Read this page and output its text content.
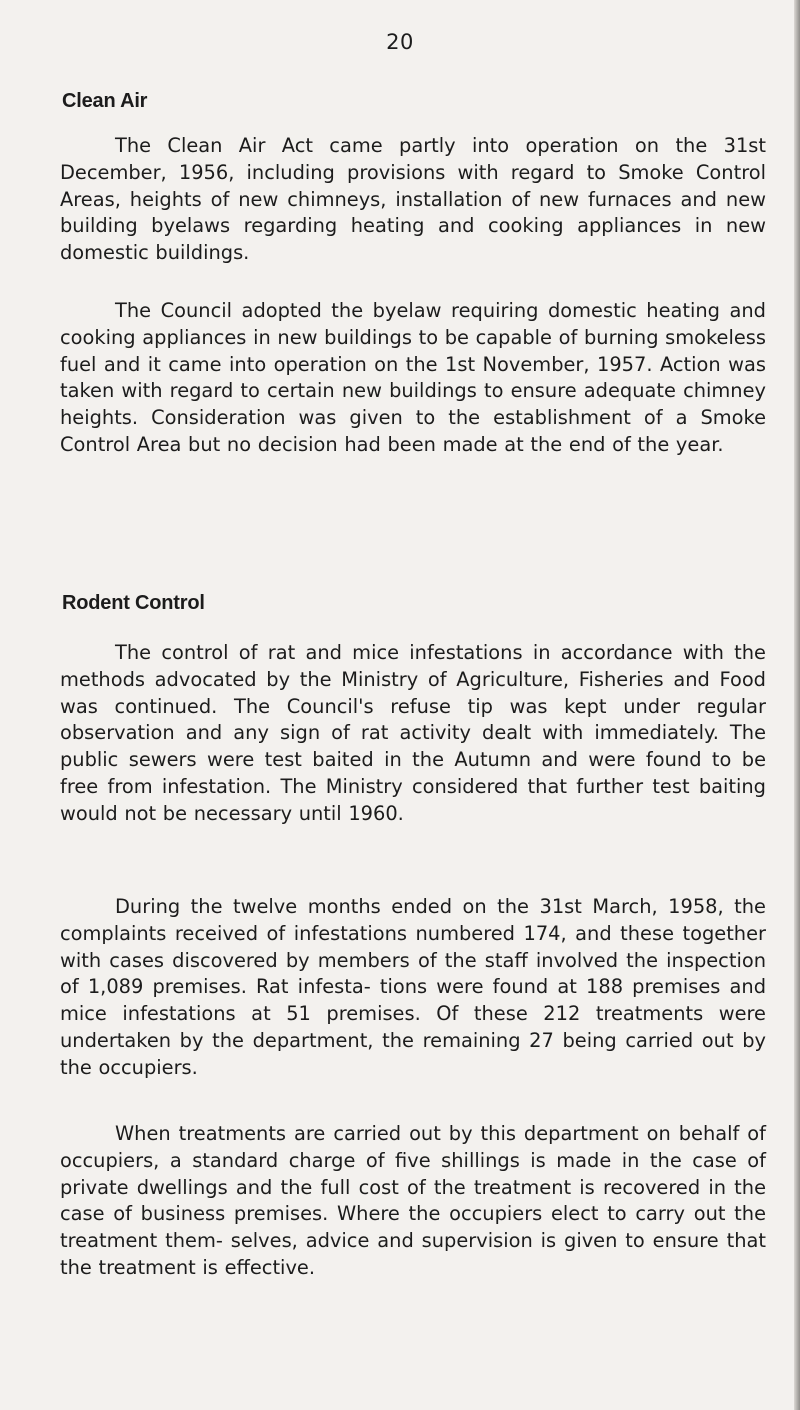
20
Clean Air

The Clean Air Act came partly into operation on the 31st December, 1956, including provisions with regard to Smoke Control Areas, heights of new chimneys, installation of new furnaces and new building byelaws regarding heating and cooking appliances in new domestic buildings.

The Council adopted the byelaw requiring domestic heating and cooking appliances in new buildings to be capable of burning smokeless fuel and it came into operation on the 1st November, 1957. Action was taken with regard to certain new buildings to ensure adequate chimney heights. Consideration was given to the establishment of a Smoke Control Area but no decision had been made at the end of the year.

Rodent Control

The control of rat and mice infestations in accordance with the methods advocated by the Ministry of Agriculture, Fisheries and Food was continued. The Council's refuse tip was kept under regular observation and any sign of rat activity dealt with immediately. The public sewers were test baited in the Autumn and were found to be free from infestation. The Ministry considered that further test baiting would not be necessary until 1960.

During the twelve months ended on the 31st March, 1958, the complaints received of infestations numbered 174, and these together with cases discovered by members of the staff involved the inspection of 1,089 premises. Rat infesta- tions were found at 188 premises and mice infestations at 51 premises. Of these 212 treatments were undertaken by the department, the remaining 27 being carried out by the occupiers.

When treatments are carried out by this department on behalf of occupiers, a standard charge of five shillings is made in the case of private dwellings and the full cost of the treatment is recovered in the case of business premises. Where the occupiers elect to carry out the treatment them- selves, advice and supervision is given to ensure that the treatment is effective.
